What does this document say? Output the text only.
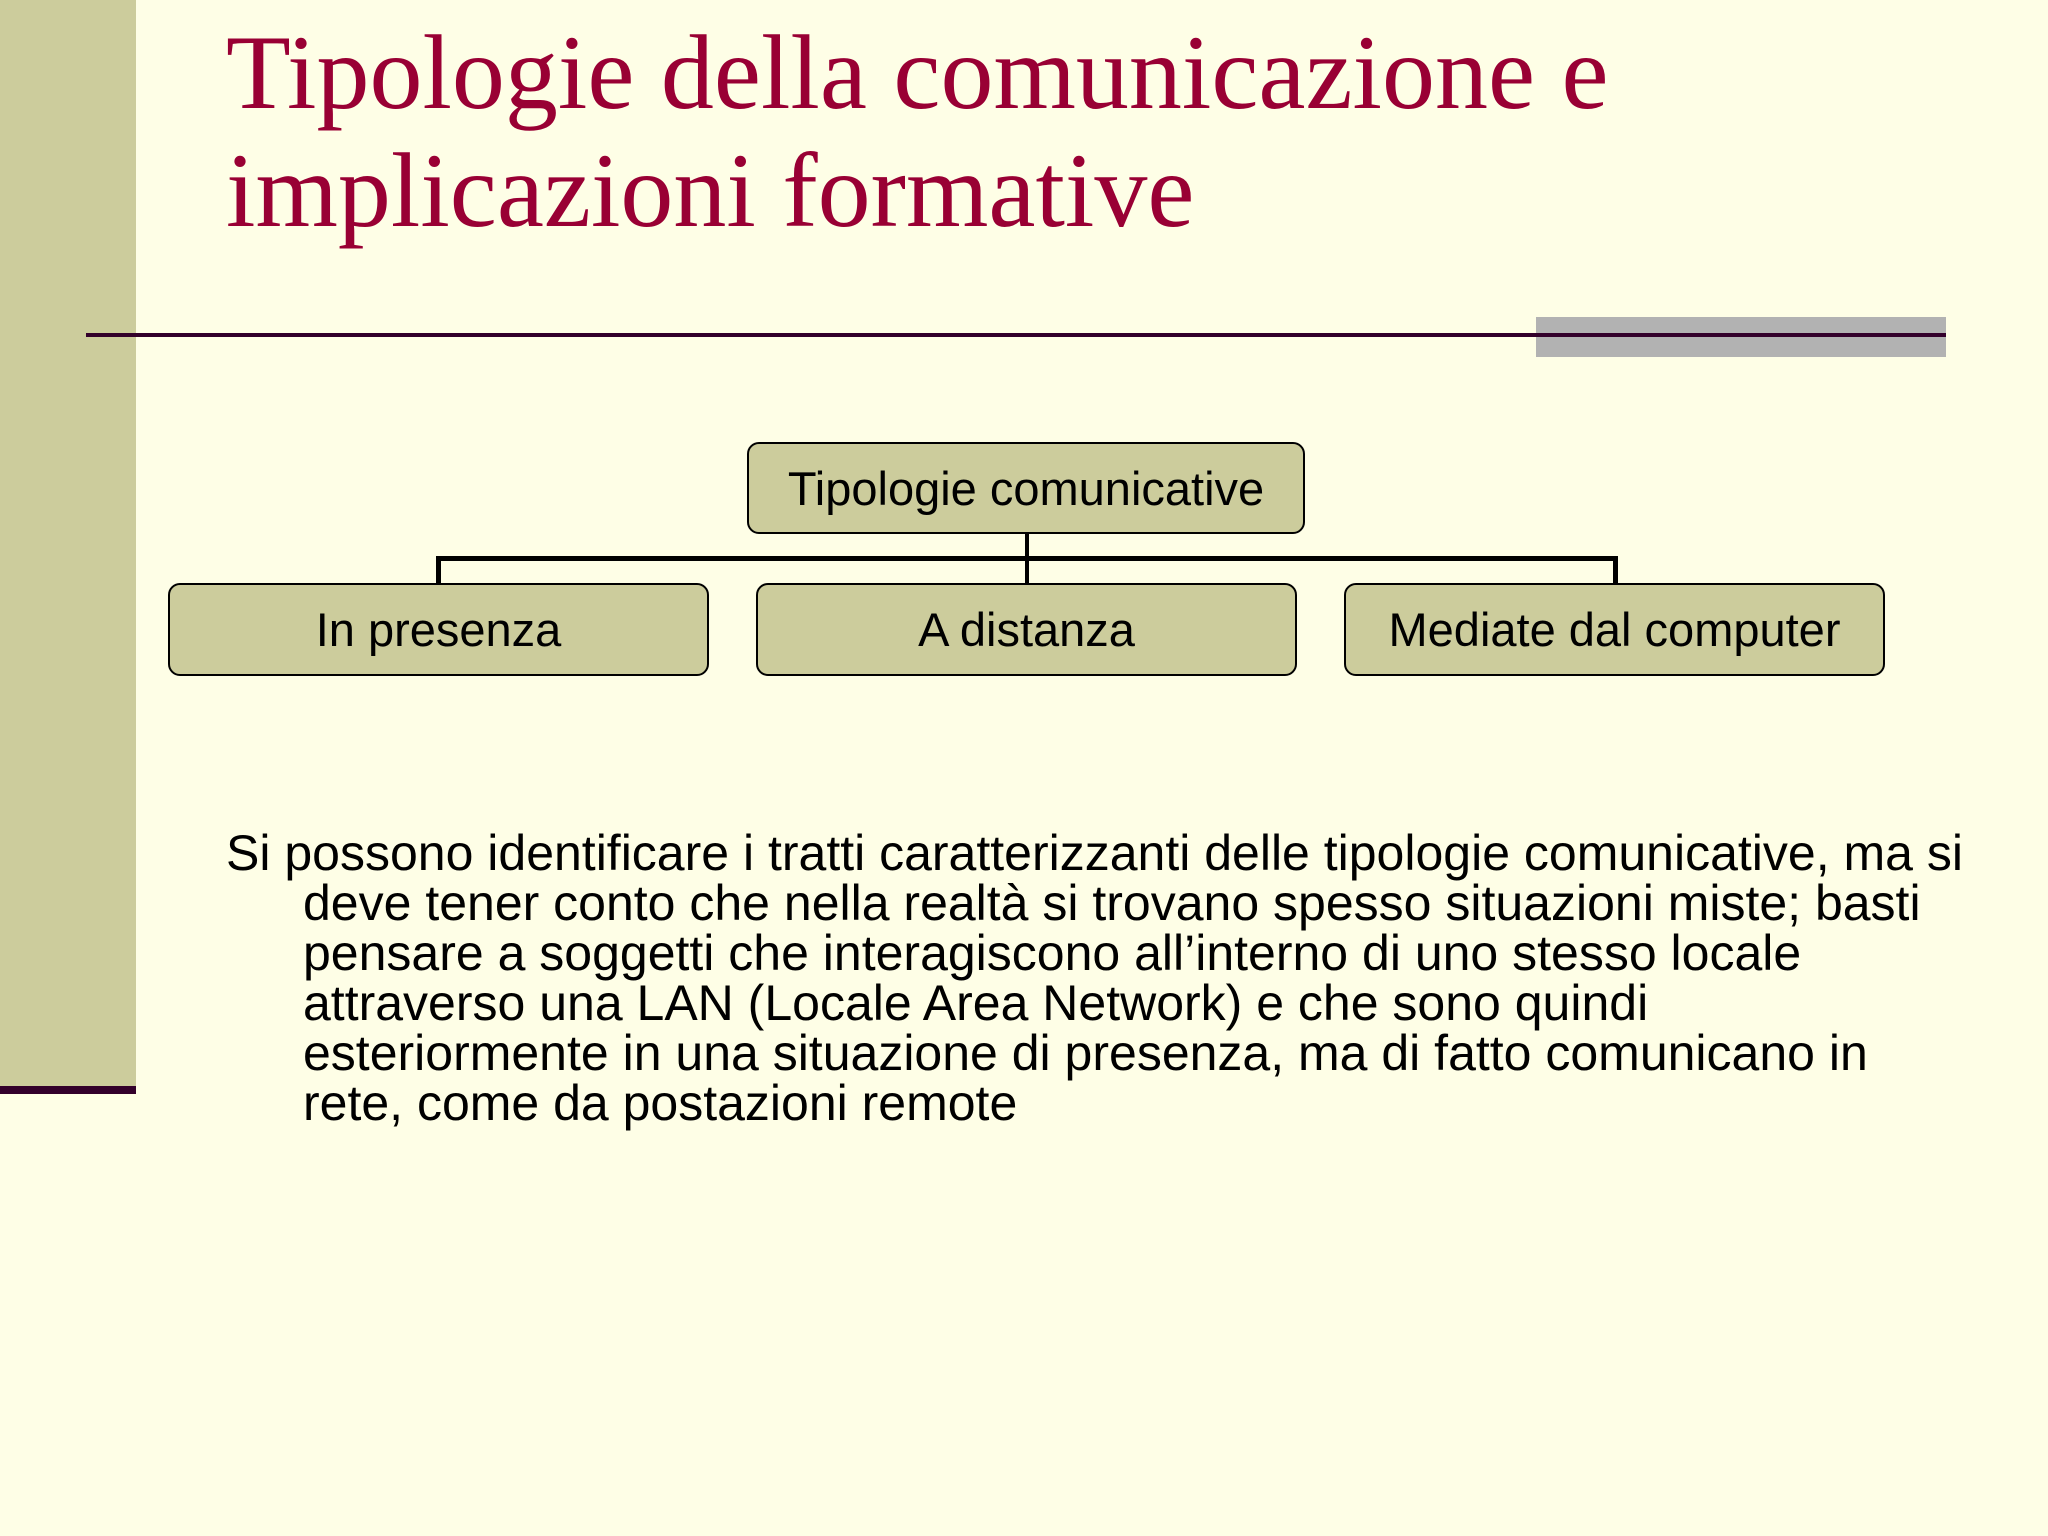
Tipologie della comunicazione e implicazioni formative
Tipologie comunicative
In presenza	A distanza	Mediate dal computer

Si possono identificare i tratti caratterizzanti delle tipologie comunicative, ma si deve tener conto che nella realtà si trovano spesso situazioni miste; basti pensare a soggetti che interagiscono all’interno di uno stesso locale attraverso una LAN (Locale Area Network) e che sono quindi esteriormente in una situazione di presenza, ma di fatto comunicano in rete, come da postazioni remote
